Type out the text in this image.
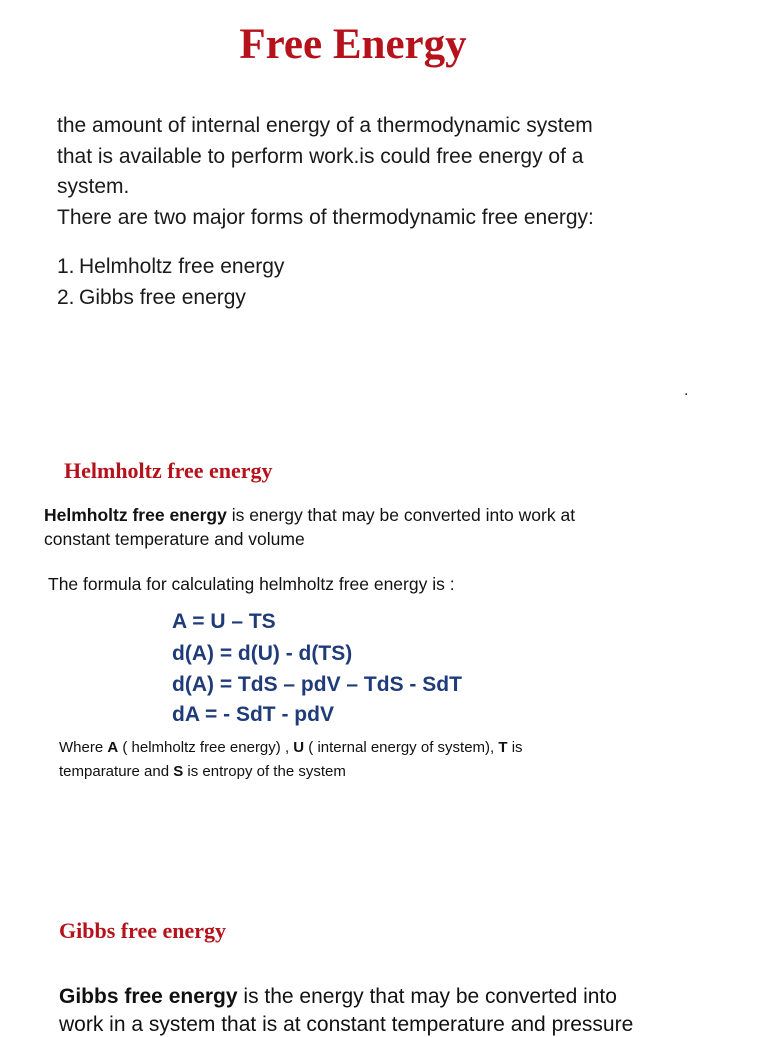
Free Energy
the amount of internal energy of a thermodynamic system
that is available to perform work.is could free energy of a
system.
There are two major forms of thermodynamic free energy:
1. Helmholtz free energy
2. Gibbs free energy
.
Helmholtz free energy
Helmholtz free energy is energy that may be converted into work at
constant temperature and volume
The formula for calculating helmholtz free energy is :
A = U – TS
d(A) = d(U) - d(TS)
d(A) = TdS – pdV – TdS - SdT
dA = - SdT - pdV
Where A ( helmholtz free energy) , U ( internal energy of system), T is
temparature and S is entropy of the system
Gibbs free energy
Gibbs free energy is the energy that may be converted into
work in a system that is at constant temperature and pressure
